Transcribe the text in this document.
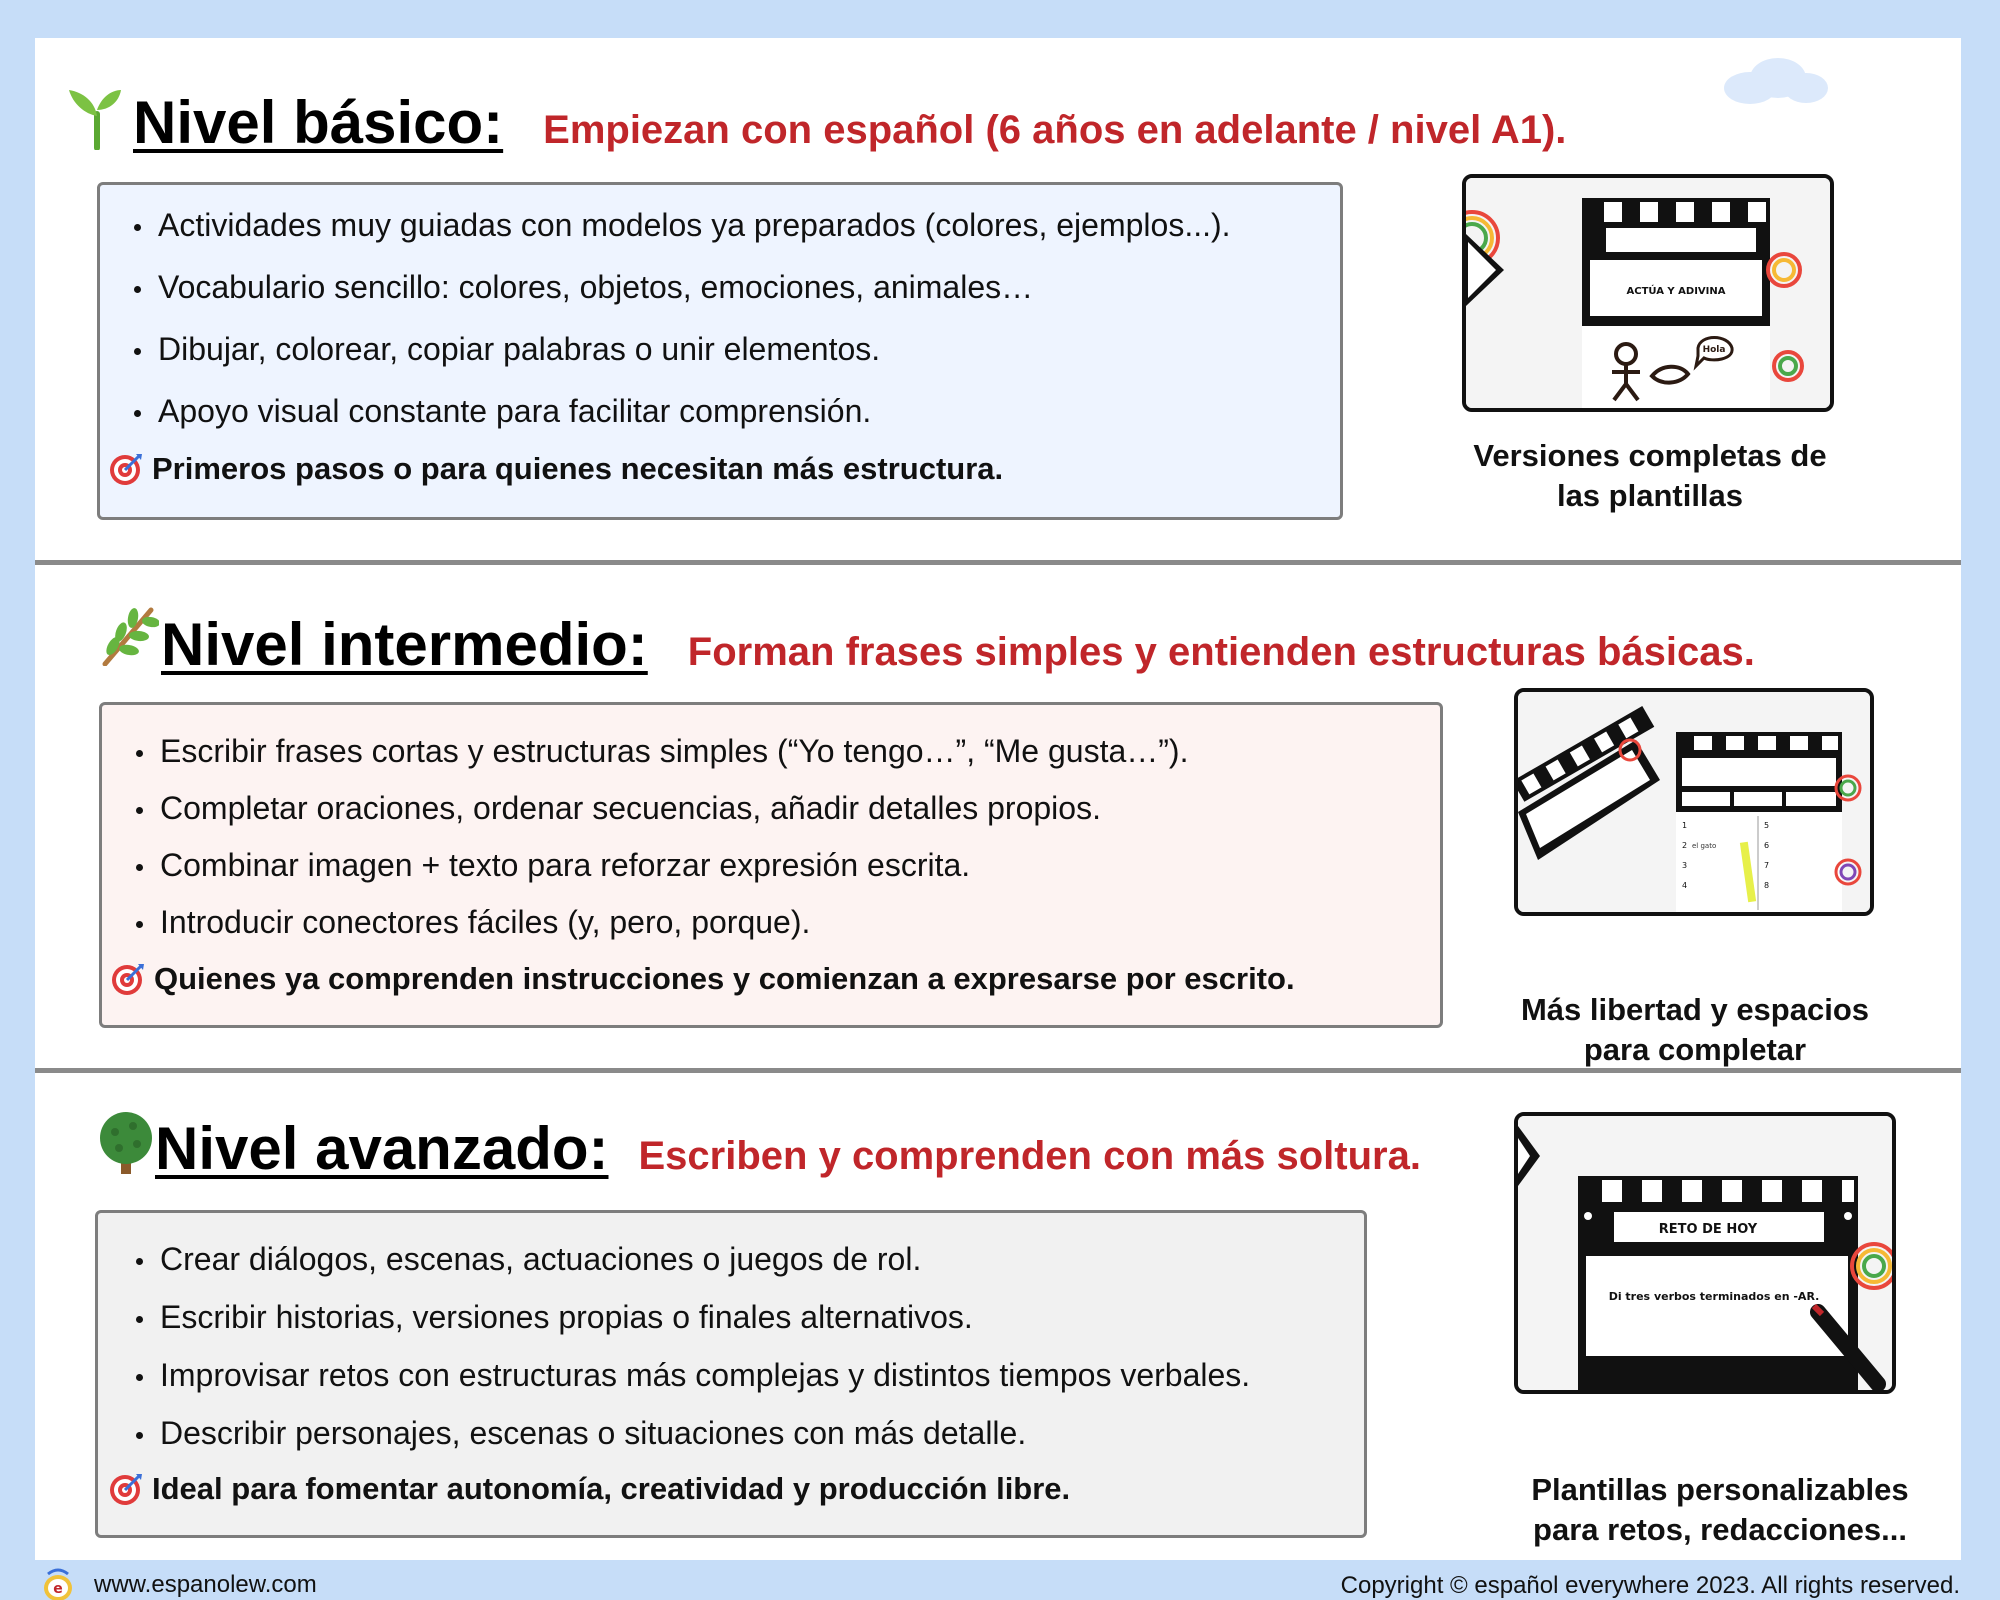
Nivel básico: Empiezan con español (6 años en adelante / nivel A1).
Actividades muy guiadas con modelos ya preparados (colores, ejemplos...).
Vocabulario sencillo: colores, objetos, emociones, animales…
Dibujar, colorear, copiar palabras o unir elementos.
Apoyo visual constante para facilitar comprensión.
Primeros pasos o para quienes necesitan más estructura.
ACTÚA Y ADIVINA
Hola
Versiones completas de
las plantillas
Nivel intermedio: Forman frases simples y entienden estructuras básicas.
Escribir frases cortas y estructuras simples (“Yo tengo…”, “Me gusta…”).
Completar oraciones, ordenar secuencias, añadir detalles propios.
Combinar imagen + texto para reforzar expresión escrita.
Introducir conectores fáciles (y, pero, porque).
Quienes ya comprenden instrucciones y comienzan a expresarse por escrito.
1
2 el gato
3
4
5
6
7
8
Más libertad y espacios
para completar
Nivel avanzado: Escriben y comprenden con más soltura.
Crear diálogos, escenas, actuaciones o juegos de rol.
Escribir historias, versiones propias o finales alternativos.
Improvisar retos con estructuras más complejas y distintos tiempos verbales.
Describir personajes, escenas o situaciones con más detalle.
Ideal para fomentar autonomía, creatividad y producción libre.
RETO DE HOY
Di tres verbos terminados en -AR.
Plantillas personalizables
para retos, redacciones...
e www.espanolew.com	Copyright © español everywhere 2023. All rights reserved.
